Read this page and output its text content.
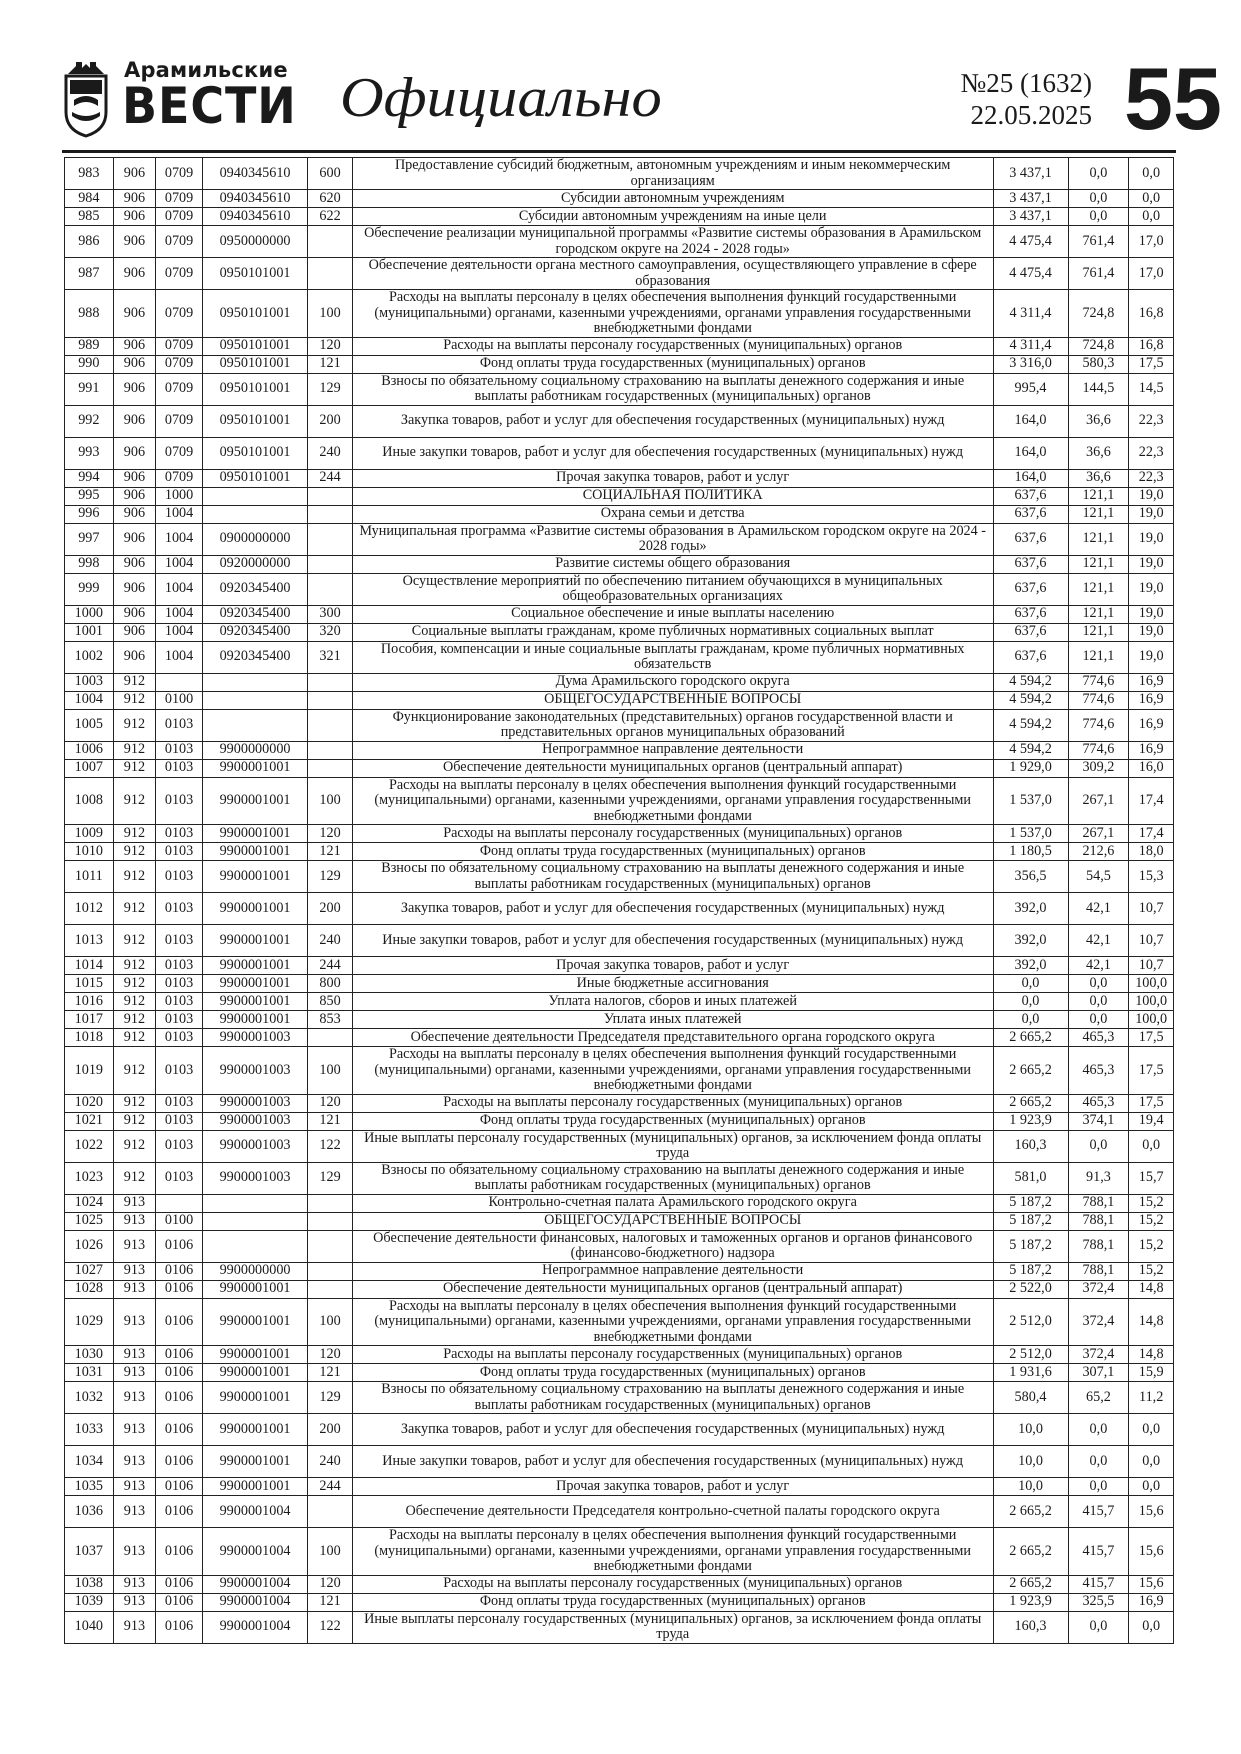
Арамильские
ВЕСТИ Официально	№25 (1632)
22.05.2025 55
983	906	0709	0940345610	600	Предоставление субсидий бюджетным, автономным учреждениям и иным некоммерческим организациям	3 437,1	0,0	0,0
984	906	0709	0940345610	620	Субсидии автономным учреждениям	3 437,1	0,0	0,0
985	906	0709	0940345610	622	Субсидии автономным учреждениям на иные цели	3 437,1	0,0	0,0
986	906	0709	0950000000		Обеспечение реализации муниципальной программы «Развитие системы образования в Арамильском городском округе на 2024 - 2028 годы»	4 475,4	761,4	17,0
987	906	0709	0950101001		Обеспечение деятельности органа местного самоуправления, осуществляющего управление в сфере образования	4 475,4	761,4	17,0
988	906	0709	0950101001	100	Расходы на выплаты персоналу в целях обеспечения выполнения функций государственными (муниципальными) органами, казенными учреждениями, органами управления государственными внебюджетными фондами	4 311,4	724,8	16,8
989	906	0709	0950101001	120	Расходы на выплаты персоналу государственных (муниципальных) органов	4 311,4	724,8	16,8
990	906	0709	0950101001	121	Фонд оплаты труда государственных (муниципальных) органов	3 316,0	580,3	17,5
991	906	0709	0950101001	129	Взносы по обязательному социальному страхованию на выплаты денежного содержания и иные выплаты работникам государственных (муниципальных) органов	995,4	144,5	14,5
992	906	0709	0950101001	200	Закупка товаров, работ и услуг для обеспечения государственных (муниципальных) нужд	164,0	36,6	22,3
993	906	0709	0950101001	240	Иные закупки товаров, работ и услуг для обеспечения государственных (муниципальных) нужд	164,0	36,6	22,3
994	906	0709	0950101001	244	Прочая закупка товаров, работ и услуг	164,0	36,6	22,3
995	906	1000			СОЦИАЛЬНАЯ ПОЛИТИКА	637,6	121,1	19,0
996	906	1004			Охрана семьи и детства	637,6	121,1	19,0
997	906	1004	0900000000		Муниципальная программа «Развитие системы образования в Арамильском городском округе на 2024 - 2028 годы»	637,6	121,1	19,0
998	906	1004	0920000000		Развитие системы общего образования	637,6	121,1	19,0
999	906	1004	0920345400		Осуществление мероприятий по обеспечению питанием обучающихся в муниципальных общеобразовательных организациях	637,6	121,1	19,0
1000	906	1004	0920345400	300	Социальное обеспечение и иные выплаты населению	637,6	121,1	19,0
1001	906	1004	0920345400	320	Социальные выплаты гражданам, кроме публичных нормативных социальных выплат	637,6	121,1	19,0
1002	906	1004	0920345400	321	Пособия, компенсации и иные социальные выплаты гражданам, кроме публичных нормативных обязательств	637,6	121,1	19,0
1003	912				Дума Арамильского городского округа	4 594,2	774,6	16,9
1004	912	0100			ОБЩЕГОСУДАРСТВЕННЫЕ ВОПРОСЫ	4 594,2	774,6	16,9
1005	912	0103			Функционирование законодательных (представительных) органов государственной власти и представительных органов муниципальных образований	4 594,2	774,6	16,9
1006	912	0103	9900000000		Непрограммное направление деятельности	4 594,2	774,6	16,9
1007	912	0103	9900001001		Обеспечение деятельности муниципальных органов (центральный аппарат)	1 929,0	309,2	16,0
1008	912	0103	9900001001	100	Расходы на выплаты персоналу в целях обеспечения выполнения функций государственными (муниципальными) органами, казенными учреждениями, органами управления государственными внебюджетными фондами	1 537,0	267,1	17,4
1009	912	0103	9900001001	120	Расходы на выплаты персоналу государственных (муниципальных) органов	1 537,0	267,1	17,4
1010	912	0103	9900001001	121	Фонд оплаты труда государственных (муниципальных) органов	1 180,5	212,6	18,0
1011	912	0103	9900001001	129	Взносы по обязательному социальному страхованию на выплаты денежного содержания и иные выплаты работникам государственных (муниципальных) органов	356,5	54,5	15,3
1012	912	0103	9900001001	200	Закупка товаров, работ и услуг для обеспечения государственных (муниципальных) нужд	392,0	42,1	10,7
1013	912	0103	9900001001	240	Иные закупки товаров, работ и услуг для обеспечения государственных (муниципальных) нужд	392,0	42,1	10,7
1014	912	0103	9900001001	244	Прочая закупка товаров, работ и услуг	392,0	42,1	10,7
1015	912	0103	9900001001	800	Иные бюджетные ассигнования	0,0	0,0	100,0
1016	912	0103	9900001001	850	Уплата налогов, сборов и иных платежей	0,0	0,0	100,0
1017	912	0103	9900001001	853	Уплата иных платежей	0,0	0,0	100,0
1018	912	0103	9900001003		Обеспечение деятельности Председателя представительного органа городского округа	2 665,2	465,3	17,5
1019	912	0103	9900001003	100	Расходы на выплаты персоналу в целях обеспечения выполнения функций государственными (муниципальными) органами, казенными учреждениями, органами управления государственными внебюджетными фондами	2 665,2	465,3	17,5
1020	912	0103	9900001003	120	Расходы на выплаты персоналу государственных (муниципальных) органов	2 665,2	465,3	17,5
1021	912	0103	9900001003	121	Фонд оплаты труда государственных (муниципальных) органов	1 923,9	374,1	19,4
1022	912	0103	9900001003	122	Иные выплаты персоналу государственных (муниципальных) органов, за исключением фонда оплаты труда	160,3	0,0	0,0
1023	912	0103	9900001003	129	Взносы по обязательному социальному страхованию на выплаты денежного содержания и иные выплаты работникам государственных (муниципальных) органов	581,0	91,3	15,7
1024	913				Контрольно-счетная палата Арамильского городского округа	5 187,2	788,1	15,2
1025	913	0100			ОБЩЕГОСУДАРСТВЕННЫЕ ВОПРОСЫ	5 187,2	788,1	15,2
1026	913	0106			Обеспечение деятельности финансовых, налоговых и таможенных органов и органов финансового (финансово-бюджетного) надзора	5 187,2	788,1	15,2
1027	913	0106	9900000000		Непрограммное направление деятельности	5 187,2	788,1	15,2
1028	913	0106	9900001001		Обеспечение деятельности муниципальных органов (центральный аппарат)	2 522,0	372,4	14,8
1029	913	0106	9900001001	100	Расходы на выплаты персоналу в целях обеспечения выполнения функций государственными (муниципальными) органами, казенными учреждениями, органами управления государственными внебюджетными фондами	2 512,0	372,4	14,8
1030	913	0106	9900001001	120	Расходы на выплаты персоналу государственных (муниципальных) органов	2 512,0	372,4	14,8
1031	913	0106	9900001001	121	Фонд оплаты труда государственных (муниципальных) органов	1 931,6	307,1	15,9
1032	913	0106	9900001001	129	Взносы по обязательному социальному страхованию на выплаты денежного содержания и иные выплаты работникам государственных (муниципальных) органов	580,4	65,2	11,2
1033	913	0106	9900001001	200	Закупка товаров, работ и услуг для обеспечения государственных (муниципальных) нужд	10,0	0,0	0,0
1034	913	0106	9900001001	240	Иные закупки товаров, работ и услуг для обеспечения государственных (муниципальных) нужд	10,0	0,0	0,0
1035	913	0106	9900001001	244	Прочая закупка товаров, работ и услуг	10,0	0,0	0,0
1036	913	0106	9900001004		Обеспечение деятельности Председателя контрольно-счетной палаты городского округа	2 665,2	415,7	15,6
1037	913	0106	9900001004	100	Расходы на выплаты персоналу в целях обеспечения выполнения функций государственными (муниципальными) органами, казенными учреждениями, органами управления государственными внебюджетными фондами	2 665,2	415,7	15,6
1038	913	0106	9900001004	120	Расходы на выплаты персоналу государственных (муниципальных) органов	2 665,2	415,7	15,6
1039	913	0106	9900001004	121	Фонд оплаты труда государственных (муниципальных) органов	1 923,9	325,5	16,9
1040	913	0106	9900001004	122	Иные выплаты персоналу государственных (муниципальных) органов, за исключением фонда оплаты труда	160,3	0,0	0,0
